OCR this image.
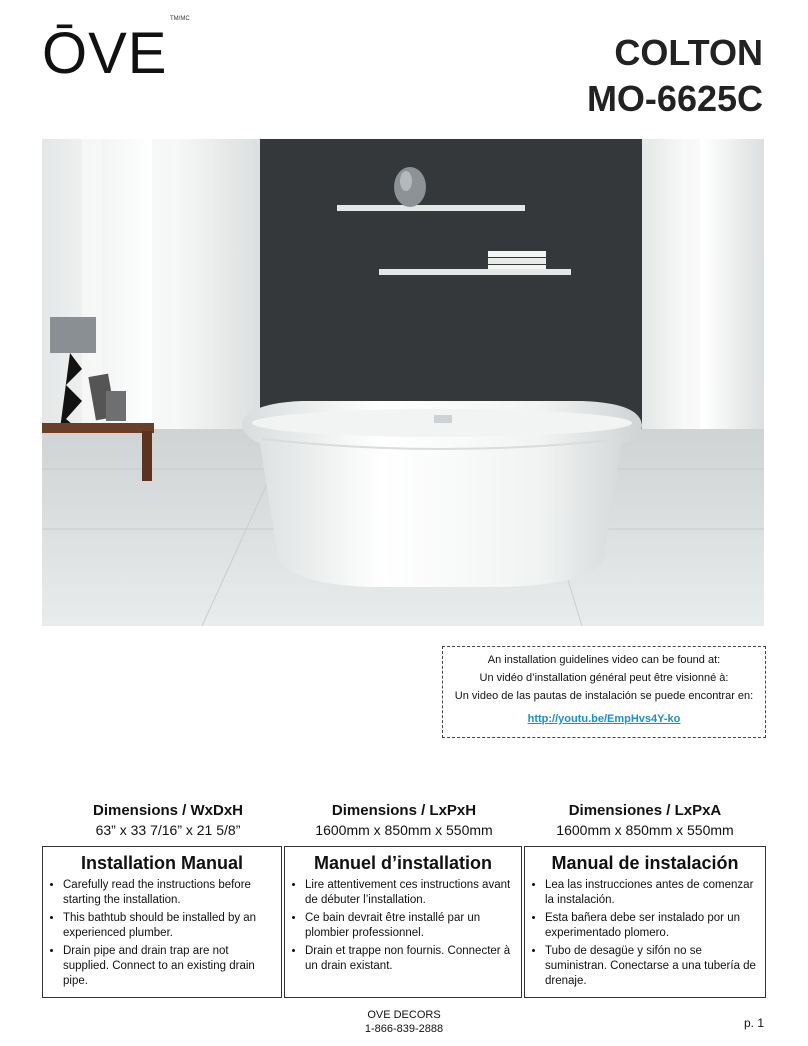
ŌVE
TM/MC
COLTON
MO-6625C
An installation guidelines video can be found at:
Un vidéo d’installation général peut être visionné à:
Un video de las pautas de instalación se puede encontrar en:
http://youtu.be/EmpHvs4Y-ko
Dimensions / WxDxH
63” x 33 7/16” x 21 5/8”
Dimensions / LxPxH
1600mm x 850mm x 550mm
Dimensiones / LxPxA
1600mm x 850mm x 550mm
Installation Manual
• Carefully read the instructions before starting the installation.
• This bathtub should be installed by an experienced plumber.
• Drain pipe and drain trap are not supplied. Connect to an existing drain pipe.
Manuel d’installation
• Lire attentivement ces instructions avant de débuter l’installation.
• Ce bain devrait être installé par un plombier professionnel.
• Drain et trappe non fournis. Connecter à un drain existant.
Manual de instalación
• Lea las instrucciones antes de comenzar la instalación.
• Esta bañera debe ser instalado por un experimentado plomero.
• Tubo de desagüe y sifón no se suministran. Conectarse a una tubería de drenaje.
OVE DECORS
1-866-839-2888	p. 1
